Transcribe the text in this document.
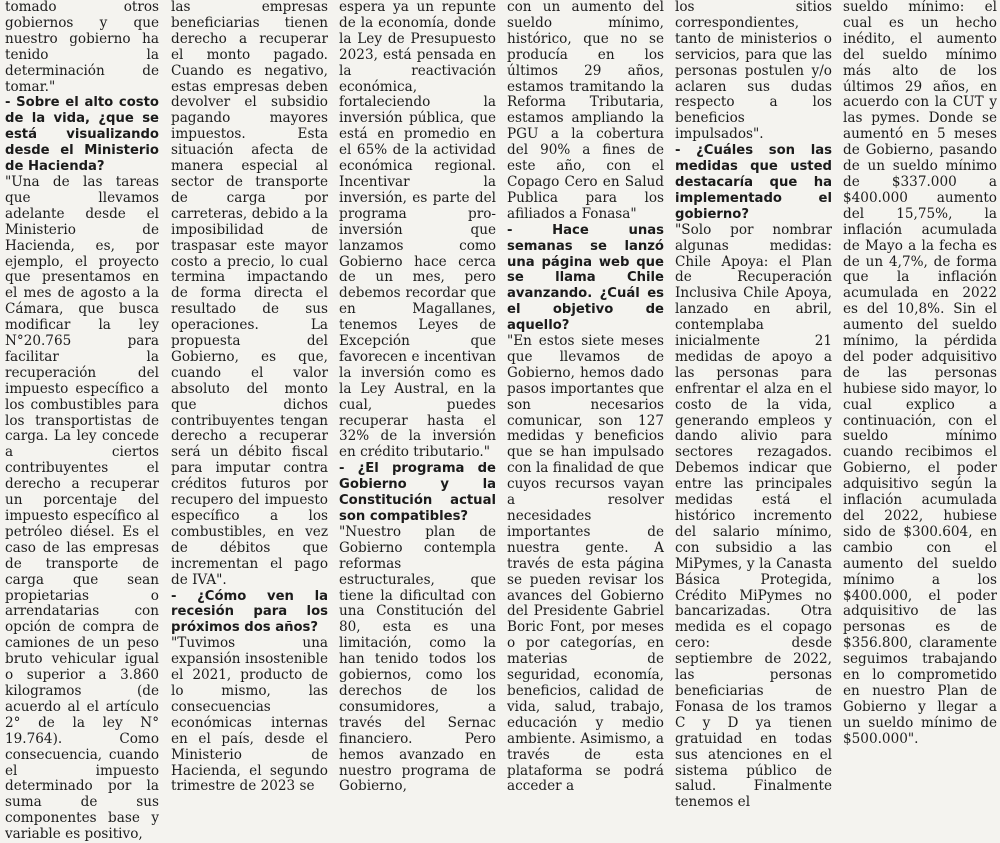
tomado otros gobiernos y que nuestro gobierno ha tenido la determinación de tomar."

- Sobre el alto costo de la vida, ¿que se está visualizando desde el Ministerio de Hacienda?

"Una de las tareas que llevamos adelante desde el Ministerio de Hacienda, es, por ejemplo, el proyecto que presentamos en el mes de agosto a la Cámara, que busca modificar la ley N°20.765 para facilitar la recuperación del impuesto específico a los combustibles para los transportistas de carga. La ley concede a ciertos contribuyentes el derecho a recuperar un porcentaje del impuesto específico al petróleo diésel. Es el caso de las empresas de transporte de carga que sean propietarias o arrendatarias con opción de compra de camiones de un peso bruto vehicular igual o superior a 3.860 kilogramos (de acuerdo al el artículo 2° de la ley N° 19.764). Como consecuencia, cuando el impuesto determinado por la suma de sus componentes base y variable es positivo,

las empresas beneficiarias tienen derecho a recuperar el monto pagado. Cuando es negativo, estas empresas deben devolver el subsidio pagando mayores impuestos. Esta situación afecta de manera especial al sector de transporte de carga por carreteras, debido a la imposibilidad de traspasar este mayor costo a precio, lo cual termina impactando de forma directa el resultado de sus operaciones. La propuesta del Gobierno, es que, cuando el valor absoluto del monto que dichos contribuyentes tengan derecho a recuperar será un débito fiscal para imputar contra créditos futuros por recupero del impuesto específico a los combustibles, en vez de débitos que incrementan el pago de IVA".

- ¿Cómo ven la recesión para los próximos dos años?

"Tuvimos una expansión insostenible el 2021, producto de lo mismo, las consecuencias económicas internas en el país, desde el Ministerio de Hacienda, el segundo trimestre de 2023 se

espera ya un repunte de la economía, donde la Ley de Presupuesto 2023, está pensada en la reactivación económica, fortaleciendo la inversión pública, que está en promedio en el 65% de la actividad económica regional. Incentivar la inversión, es parte del programa pro-inversión que lanzamos como Gobierno hace cerca de un mes, pero debemos recordar que en Magallanes, tenemos Leyes de Excepción que favorecen e incentivan la inversión como es la Ley Austral, en la cual, puedes recuperar hasta el 32% de la inversión en crédito tributario."

- ¿El programa de Gobierno y la Constitución actual son compatibles?

"Nuestro plan de Gobierno contempla reformas estructurales, que tiene la dificultad con una Constitución del 80, esta es una limitación, como la han tenido todos los gobiernos, como los derechos de los consumidores, a través del Sernac financiero. Pero hemos avanzado en nuestro programa de Gobierno,

con un aumento del sueldo mínimo, histórico, que no se producía en los últimos 29 años, estamos tramitando la Reforma Tributaria, estamos ampliando la PGU a la cobertura del 90% a fines de este año, con el Copago Cero en Salud Publica para los afiliados a Fonasa"

- Hace unas semanas se lanzó una página web que se llama Chile avanzando. ¿Cuál es el objetivo de aquello?

"En estos siete meses que llevamos de Gobierno, hemos dado pasos importantes que son necesarios comunicar, son 127 medidas y beneficios que se han impulsado con la finalidad de que cuyos recursos vayan a resolver necesidades importantes de nuestra gente. A través de esta página se pueden revisar los avances del Gobierno del Presidente Gabriel Boric Font, por meses o por categorías, en materias de seguridad, economía, beneficios, calidad de vida, salud, trabajo, educación y medio ambiente. Asimismo, a través de esta plataforma se podrá acceder a

los sitios correspondientes, tanto de ministerios o servicios, para que las personas postulen y/o aclaren sus dudas respecto a los beneficios impulsados".

- ¿Cuáles son las medidas que usted destacaría que ha implementado el gobierno?

"Solo por nombrar algunas medidas: Chile Apoya: el Plan de Recuperación Inclusiva Chile Apoya, lanzado en abril, contemplaba inicialmente 21 medidas de apoyo a las personas para enfrentar el alza en el costo de la vida, generando empleos y dando alivio para sectores rezagados. Debemos indicar que entre las principales medidas está el histórico incremento del salario mínimo, con subsidio a las MiPymes, y la Canasta Básica Protegida, Crédito MiPymes no bancarizadas. Otra medida es el copago cero: desde septiembre de 2022, las personas beneficiarias de Fonasa de los tramos C y D ya tienen gratuidad en todas sus atenciones en el sistema público de salud. Finalmente tenemos el

sueldo mínimo: el cual es un hecho inédito, el aumento del sueldo mínimo más alto de los últimos 29 años, en acuerdo con la CUT y las pymes. Donde se aumentó en 5 meses de Gobierno, pasando de un sueldo mínimo de $337.000 a $400.000 aumento del 15,75%, la inflación acumulada de Mayo a la fecha es de un 4,7%, de forma que la inflación acumulada en 2022 es del 10,8%. Sin el aumento del sueldo mínimo, la pérdida del poder adquisitivo de las personas hubiese sido mayor, lo cual explico a continuación, con el sueldo mínimo cuando recibimos el Gobierno, el poder adquisitivo según la inflación acumulada del 2022, hubiese sido de $300.604, en cambio con el aumento del sueldo mínimo a los $400.000, el poder adquisitivo de las personas es de $356.800, claramente seguimos trabajando en lo comprometido en nuestro Plan de Gobierno y llegar a un sueldo mínimo de $500.000".
